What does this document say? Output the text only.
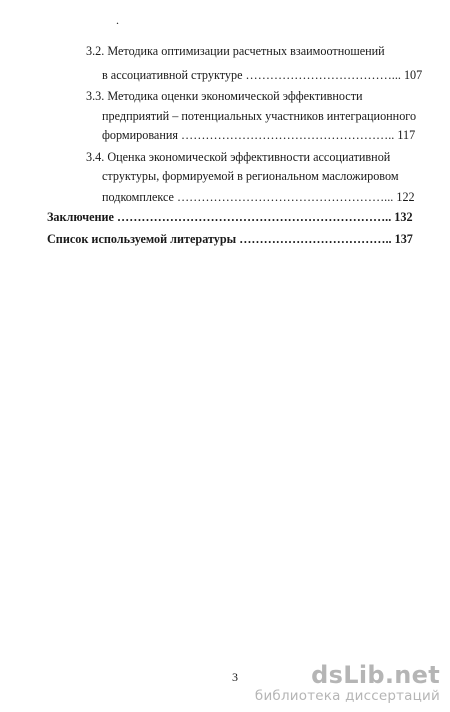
.
3.2. Методика оптимизации расчетных взаимоотношений
в ассоциативной структуре ………………………………... 107
3.3. Методика оценки экономической эффективности
предприятий – потенциальных участников интеграционного
формирования …………………………………………….. 117
3.4. Оценка экономической эффективности ассоциативной
структуры, формируемой в региональном масложировом
подкомплексе ……………………………………………... 122
Заключение ………………………………………………………….. 132
Список используемой литературы ……………………………….. 137
3	dsLib.net
библиотека диссертаций
